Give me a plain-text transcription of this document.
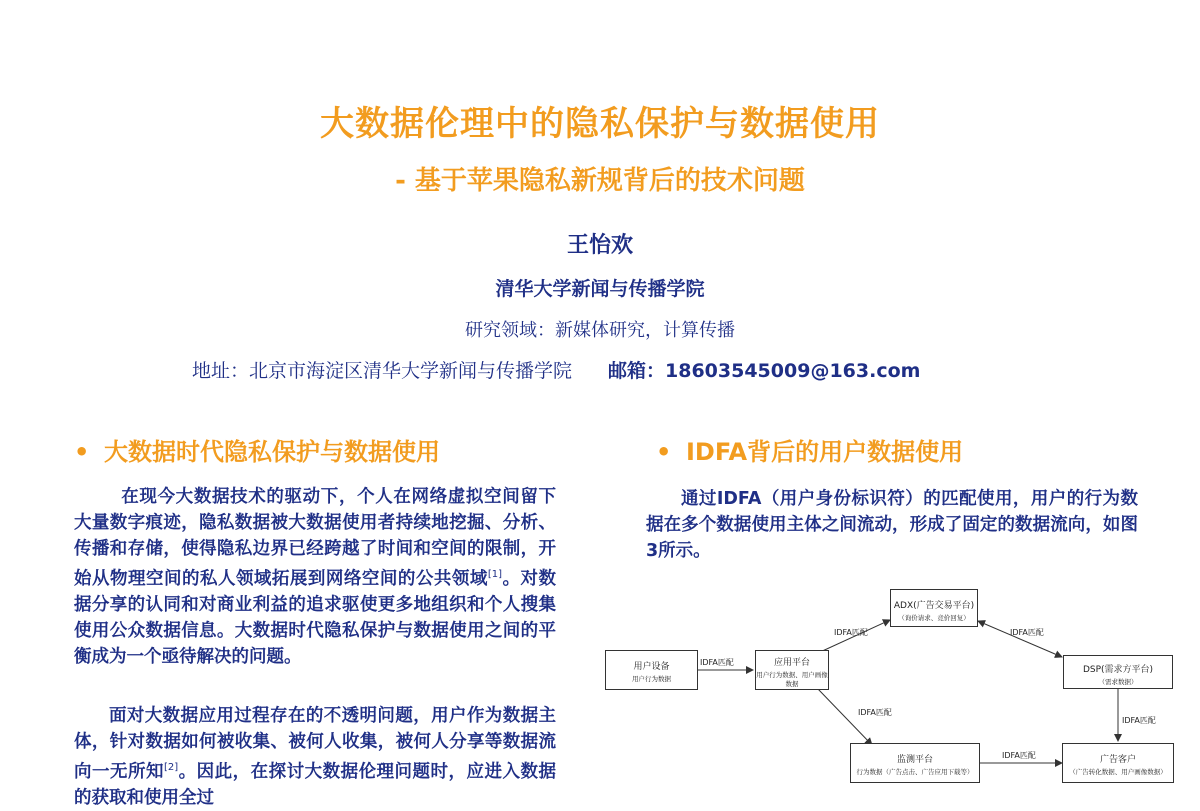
大数据伦理中的隐私保护与数据使用
- 基于苹果隐私新规背后的技术问题
王怡欢
清华大学新闻与传播学院
研究领域：新媒体研究，计算传播
地址：北京市海淀区清华大学新闻与传播学院 邮箱：18603545009@163.com
• 大数据时代隐私保护与数据使用
在现今大数据技术的驱动下，个人在网络虚拟空间留下大量数字痕迹，隐私数据被大数据使用者持续地挖掘、分析、传播和存储，使得隐私边界已经跨越了时间和空间的限制，开始从物理空间的私人领域拓展到网络空间的公共领域[1]。对数据分享的认同和对商业利益的追求驱使更多地组织和个人搜集使用公众数据信息。大数据时代隐私保护与数据使用之间的平衡成为一个亟待解决的问题。
面对大数据应用过程存在的不透明问题，用户作为数据主体，针对数据如何被收集、被何人收集，被何人分享等数据流向一无所知[2]。因此，在探讨大数据伦理问题时，应进入数据的获取和使用全过
• IDFA背后的用户数据使用
通过IDFA（用户身份标识符）的匹配使用，用户的行为数据在多个数据使用主体之间流动，形成了固定的数据流向，如图3所示。
用户设备
用户行为数据
应用平台
用户行为数据、用户画像数据
ADX(广告交易平台)
（询价请求、竞价回复）
DSP(需求方平台)
（需求数据）
监测平台
行为数据（广告点击、广告应用下载等）
广告客户
（广告转化数据、用户画像数据）
IDFA匹配
IDFA匹配	IDFA匹配
IDFA匹配
IDFA匹配
IDFA匹配
